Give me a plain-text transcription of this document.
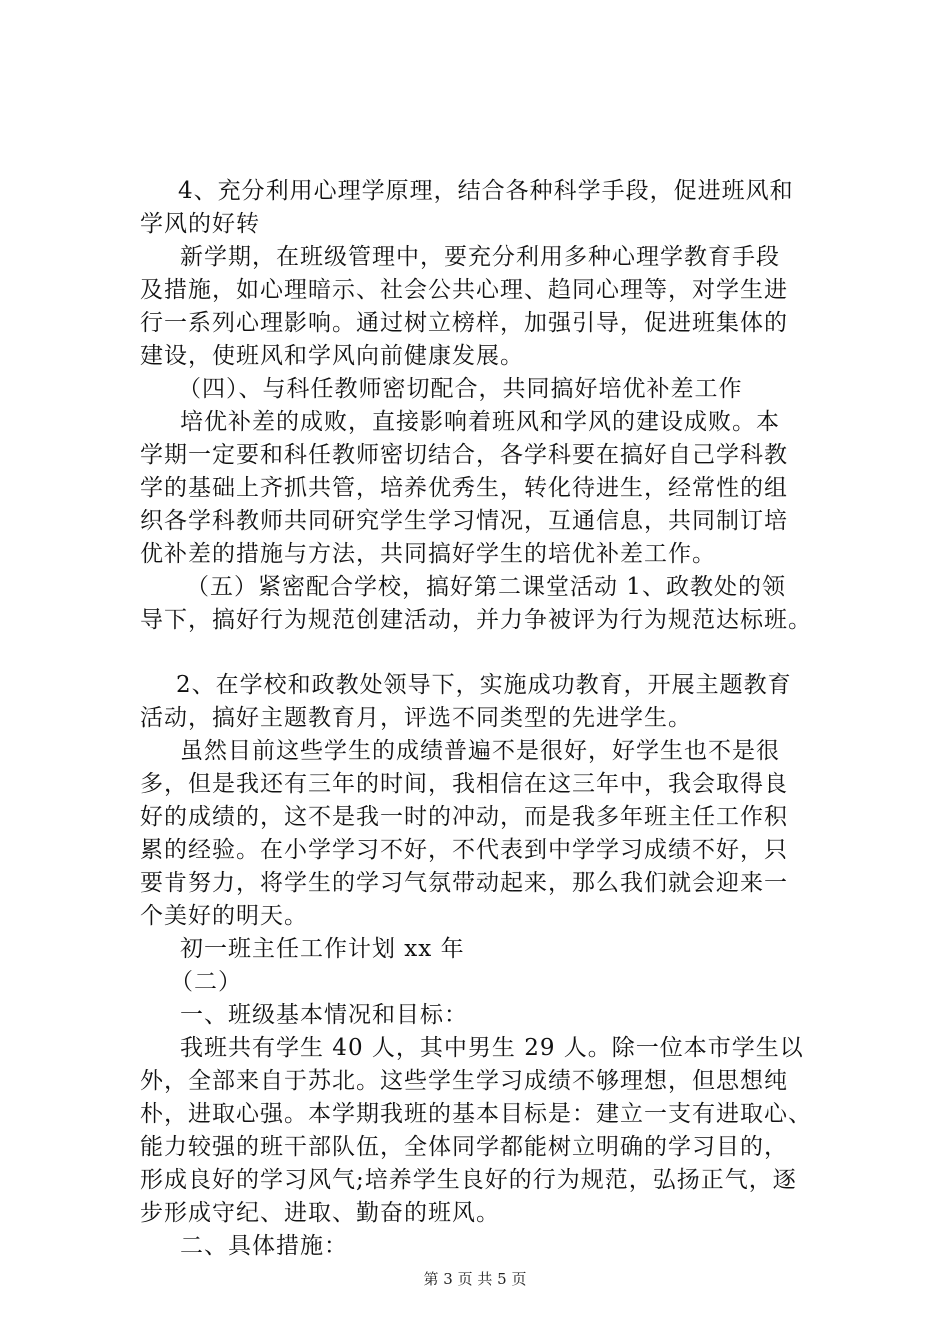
4、充分利用心理学原理，结合各种科学手段，促进班风和
学风的好转
新学期，在班级管理中，要充分利用多种心理学教育手段
及措施，如心理暗示、社会公共心理、趋同心理等，对学生进
行一系列心理影响。通过树立榜样，加强引导，促进班集体的
建设，使班风和学风向前健康发展。
（四）、与科任教师密切配合，共同搞好培优补差工作
培优补差的成败，直接影响着班风和学风的建设成败。本
学期一定要和科任教师密切结合，各学科要在搞好自己学科教
学的基础上齐抓共管，培养优秀生，转化待进生，经常性的组
织各学科教师共同研究学生学习情况，互通信息，共同制订培
优补差的措施与方法，共同搞好学生的培优补差工作。
（五）紧密配合学校，搞好第二课堂活动 1、政教处的领
导下，搞好行为规范创建活动，并力争被评为行为规范达标班。
2、在学校和政教处领导下，实施成功教育，开展主题教育
活动，搞好主题教育月，评选不同类型的先进学生。
虽然目前这些学生的成绩普遍不是很好，好学生也不是很
多，但是我还有三年的时间，我相信在这三年中，我会取得良
好的成绩的，这不是我一时的冲动，而是我多年班主任工作积
累的经验。在小学学习不好，不代表到中学学习成绩不好，只
要肯努力，将学生的学习气氛带动起来，那么我们就会迎来一
个美好的明天。
初一班主任工作计划 xx 年
（二）
一、班级基本情况和目标：
我班共有学生 40 人，其中男生 29 人。除一位本市学生以
外，全部来自于苏北。这些学生学习成绩不够理想，但思想纯
朴，进取心强。本学期我班的基本目标是：建立一支有进取心、
能力较强的班干部队伍，全体同学都能树立明确的学习目的，
形成良好的学习风气;培养学生良好的行为规范，弘扬正气，逐
步形成守纪、进取、勤奋的班风。
二、具体措施：
第 3 页 共 5 页
